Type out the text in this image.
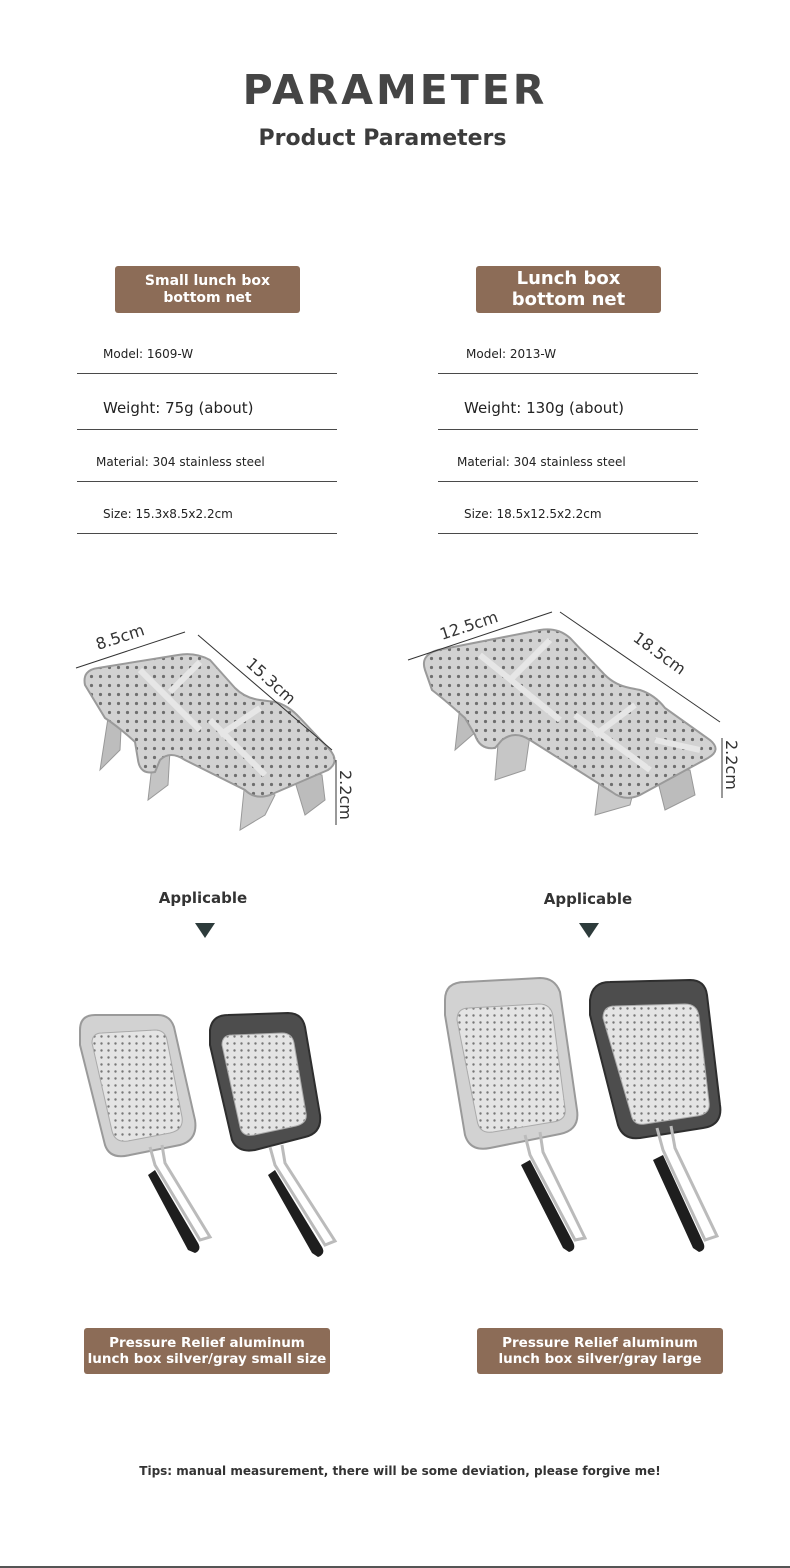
PARAMETER
Product Parameters
Small lunch box
bottom net
Lunch box
bottom net
Model: 1609-W
Weight: 75g (about)
Material: 304 stainless steel
Size: 15.3x8.5x2.2cm
Model: 2013-W
Weight: 130g (about)
Material: 304 stainless steel
Size: 18.5x12.5x2.2cm
8.5cm
15.3cm
2.2cm
12.5cm
18.5cm
2.2cm
Applicable	Applicable
Pressure Relief aluminum
lunch box silver/gray small size
Pressure Relief aluminum
lunch box silver/gray large
Tips: manual measurement, there will be some deviation, please forgive me!
